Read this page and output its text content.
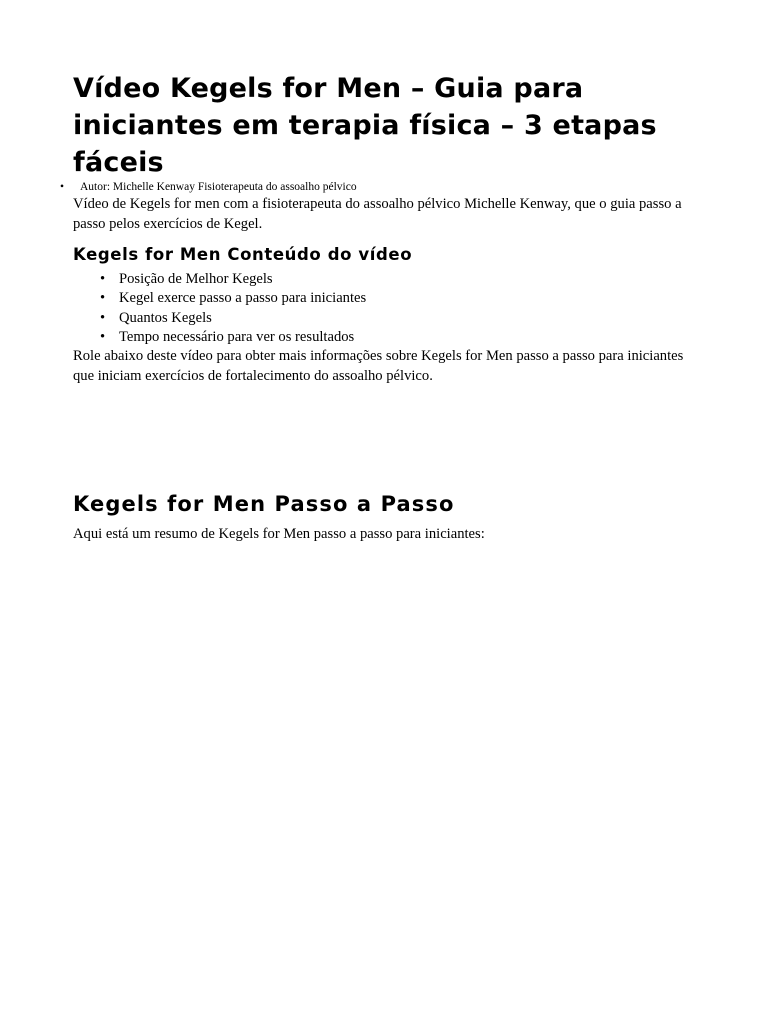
Vídeo Kegels for Men – Guia para iniciantes em terapia física – 3 etapas fáceis
• Autor: Michelle Kenway Fisioterapeuta do assoalho pélvico

Vídeo de Kegels for men com a fisioterapeuta do assoalho pélvico Michelle Kenway, que o guia passo a passo pelos exercícios de Kegel.

Kegels for Men Conteúdo do vídeo
• Posição de Melhor Kegels
• Kegel exerce passo a passo para iniciantes
• Quantos Kegels
• Tempo necessário para ver os resultados

Role abaixo deste vídeo para obter mais informações sobre Kegels for Men passo a passo para iniciantes que iniciam exercícios de fortalecimento do assoalho pélvico.

Kegels for Men Passo a Passo

Aqui está um resumo de Kegels for Men passo a passo para iniciantes:
